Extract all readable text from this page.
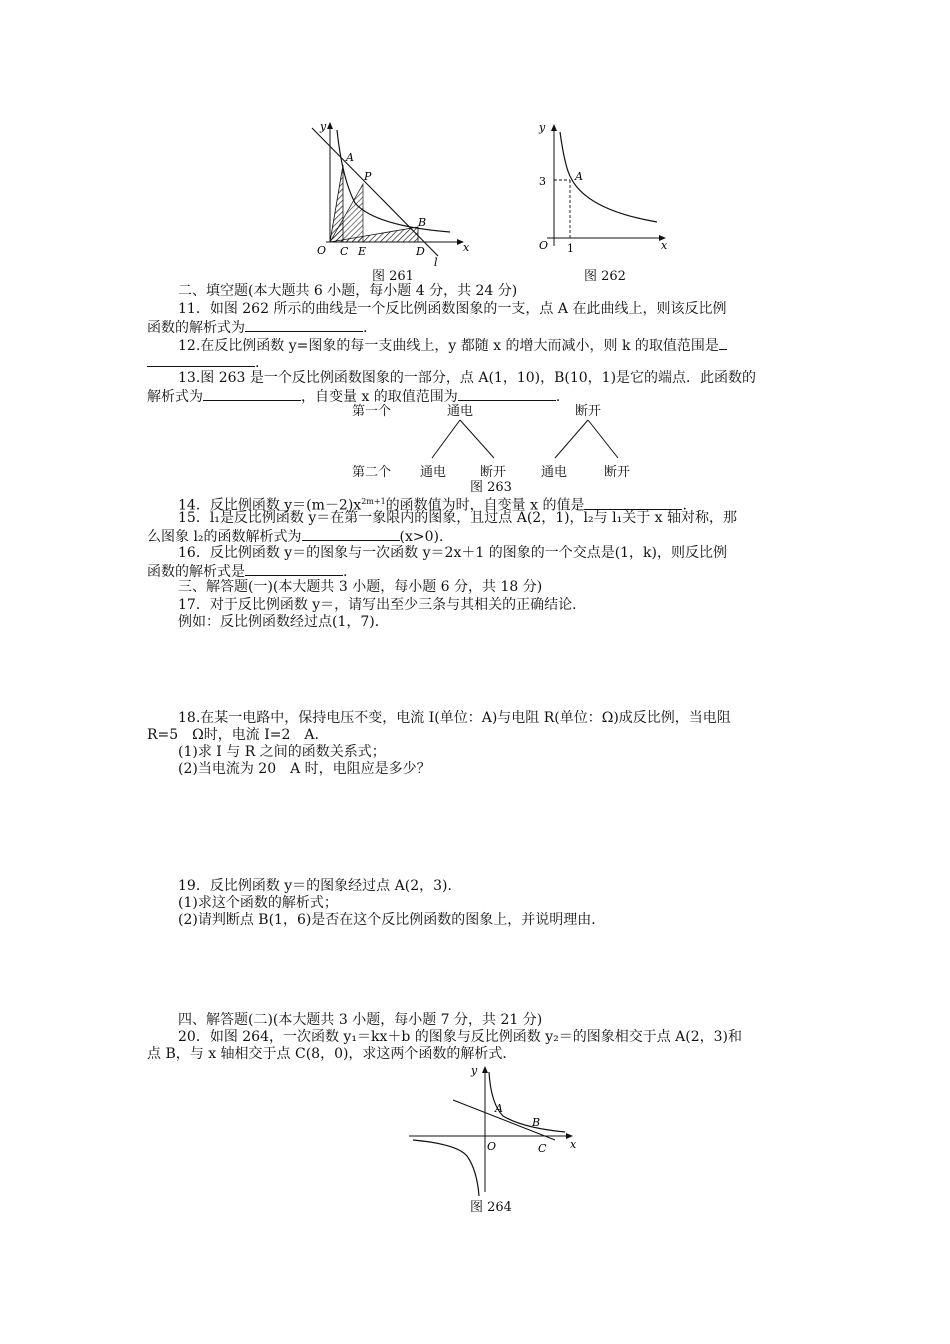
y
x
O
A
P
B
C E	D
l
图 261
y
x
O
A
3
1
图 262
二、填空题(本大题共 6 小题，每小题 4 分，共 24 分)
11．如图 262 所示的曲线是一个反比例函数图象的一支，点 A 在此曲线上，则该反比例
函数的解析式为	.
12.在反比例函数 y=图象的每一支曲线上，y 都随 x 的增大而减小，则 k 的取值范围是
.
13.图 263 是一个反比例函数图象的一部分，点 A(1，10)，B(10，1)是它的端点．此函数的
解析式为	，自变量 x 的取值范围为	.
第一个	通电	断开
第二个 通电	断开	通电	断开
图 263
14．反比例函数 $y=(m-2)x^{2m+1}$的函数值为时，自变量 x 的值是	.
15．l₁是反比例函数 y＝在第一象限内的图象，且过点 A(2，1)，l₂与 l₁关于 x 轴对称，那
么图象 l₂的函数解析式为	(x>0).
16．反比例函数 y＝的图象与一次函数 y＝2x＋1 的图象的一个交点是(1，k)，则反比例
函数的解析式是	.
三、解答题(一)(本大题共 3 小题，每小题 6 分，共 18 分)
17．对于反比例函数 y＝，请写出至少三条与其相关的正确结论．
例如：反比例函数经过点(1，7)．
18.在某一电路中，保持电压不变，电流 I(单位：A)与电阻 R(单位：Ω)成反比例，当电阻
R=5　Ω时，电流 I=2　A.
(1)求 I 与 R 之间的函数关系式；
(2)当电流为 20　A 时，电阻应是多少？
19．反比例函数 y＝的图象经过点 A(2，3)．
(1)求这个函数的解析式；
(2)请判断点 B(1，6)是否在这个反比例函数的图象上，并说明理由．
四、解答题(二)(本大题共 3 小题，每小题 7 分，共 21 分)
20．如图 264，一次函数 y₁＝kx＋b 的图象与反比例函数 y₂＝的图象相交于点 A(2，3)和
点 B，与 x 轴相交于点 C(8，0)，求这两个函数的解析式．
y
x
O
A
B
C
图 264
